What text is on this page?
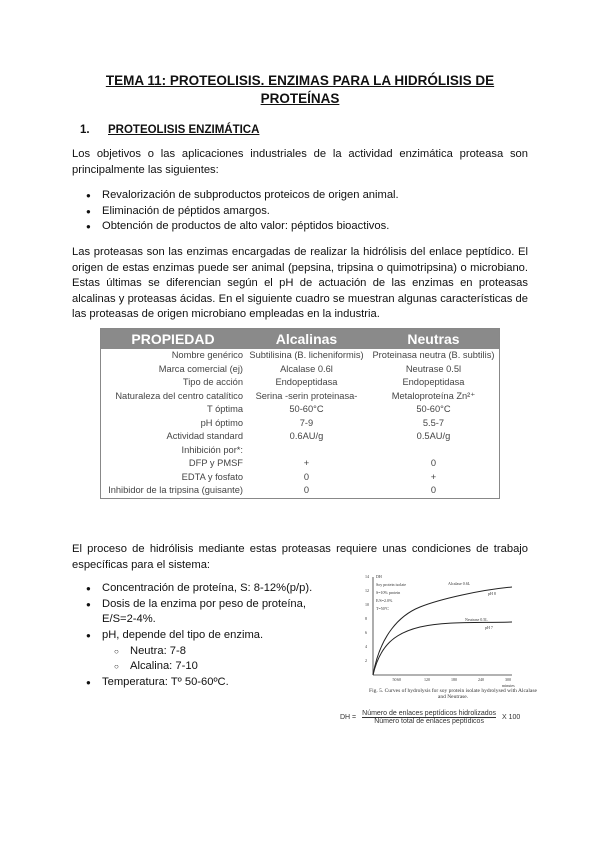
TEMA 11: PROTEOLISIS. ENZIMAS PARA LA HIDRÓLISIS DE PROTEÍNAS
1. PROTEOLISIS ENZIMÁTICA

Los objetivos o las aplicaciones industriales de la actividad enzimática proteasa son principalmente las siguientes:

● Revalorización de subproductos proteicos de origen animal.
● Eliminación de péptidos amargos.
● Obtención de productos de alto valor: péptidos bioactivos.

Las proteasas son las enzimas encargadas de realizar la hidrólisis del enlace peptídico. El origen de estas enzimas puede ser animal (pepsina, tripsina o quimotripsina) o microbiano. Estas últimas se diferencian según el pH de actuación de las enzimas en proteasas alcalinas y proteasas ácidas. En el siguiente cuadro se muestran algunas características de las proteasas de origen microbiano empleadas en la industria.

PROPIEDAD	Alcalinas	Neutras
Nombre genérico	Subtilisina (B. licheniformis)	Proteinasa neutra (B. subtilis)
Marca comercial (ej)	Alcalase 0.6l	Neutrase 0.5l
Tipo de acción	Endopeptidasa	Endopeptidasa
Naturaleza del centro catalítico	Serina -serin proteinasa-	Metaloproteína Zn²⁺
T óptima	50-60°C	50-60°C
pH óptimo	7-9	5.5-7
Actividad standard	0.6AU/g	0.5AU/g
Inhibición por*:		
DFP y PMSF	+	0
EDTA y fosfato	0	+
Inhibidor de la tripsina (guisante)	0	0

El proceso de hidrólisis mediante estas proteasas requiere unas condiciones de trabajo específicas para el sistema:

● Concentración de proteína, S: 8-12%(p/p).
● Dosis de la enzima por peso de proteína, E/S=2-4%.
● pH, depende del tipo de enzima.
○ Neutra: 7-8
○ Alcalina: 7-10
● Temperatura: Tº 50-60ºC.
DH
Alcalase 0.6L
pH 8
Soy protein isolate
S=10% protein
E/S=2.0%
T=50°C
Neutrase 0.5L
pH 7
minutes
50 60	120	180	240	300
2
4
6
8
10
12
14
Fig. 5. Curves of hydrolysis for soy protein isolate hydrolysed with Alcalase and Neutrase.
DH =
Número de enlaces peptídicos hidrolizados
Número total de enlaces peptídicos
X 100
